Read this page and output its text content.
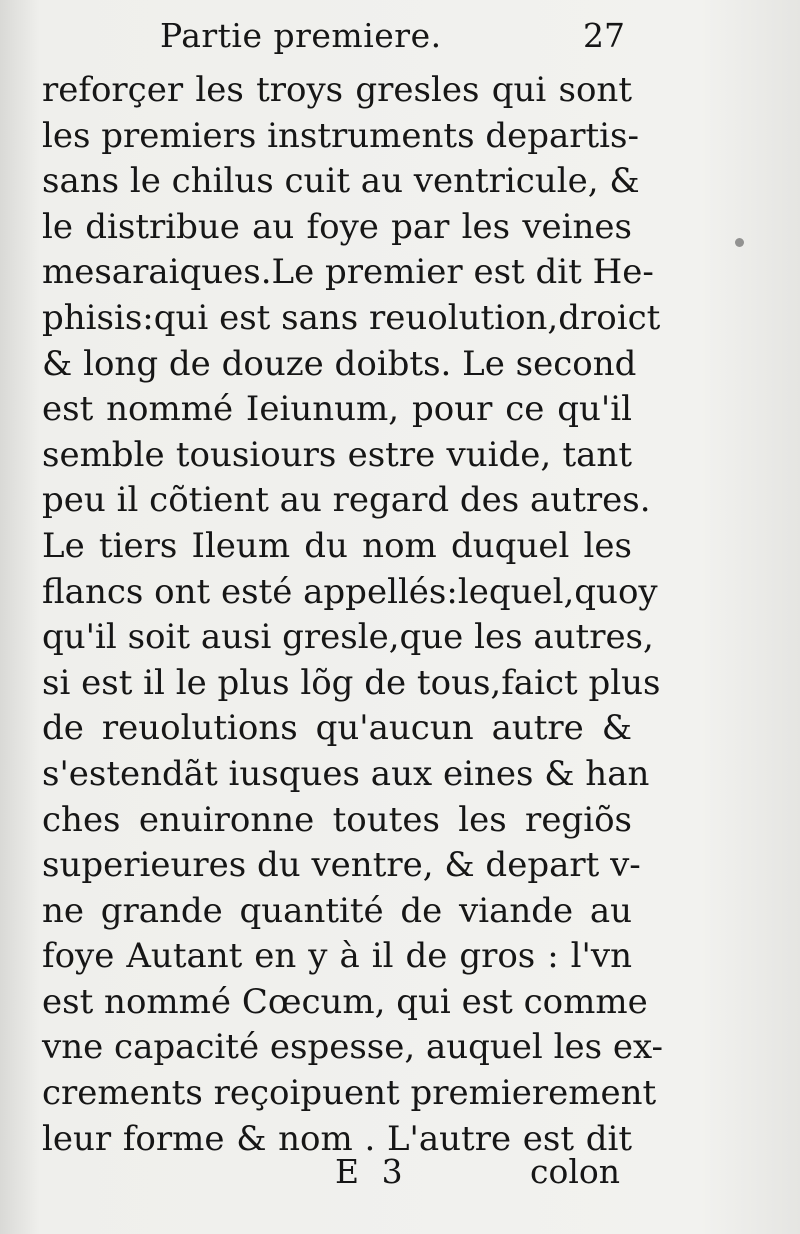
Partie premiere.	27
reforçer les troys gresles qui sont
les premiers instruments departis-
sans le chilus cuit au ventricule, &
le distribue au foye par les veines
mesaraiques.Le premier est dit He-
phisis:qui est sans reuolution,droict
& long de douze doibts. Le second
est nommé Ieiunum, pour ce qu'il
semble tousiours estre vuide, tant
peu il cõtient au regard des autres.
Le tiers Ileum du nom duquel les
flancs ont esté appellés:lequel,quoy
qu'il soit ausi gresle,que les autres,
si est il le plus lõg de tous,faict plus
de reuolutions qu'aucun autre &
s'estendãt iusques aux eines & han
ches enuironne toutes les regiõs
superieures du ventre, & depart v-
ne grande quantité de viande au
foye Autant en y à il de gros : l'vn
est nommé Cœcum, qui est comme
vne capacité espesse, auquel les ex-
crements reçoipuent premierement
leur forme & nom . L'autre est dit
E 3	colon
